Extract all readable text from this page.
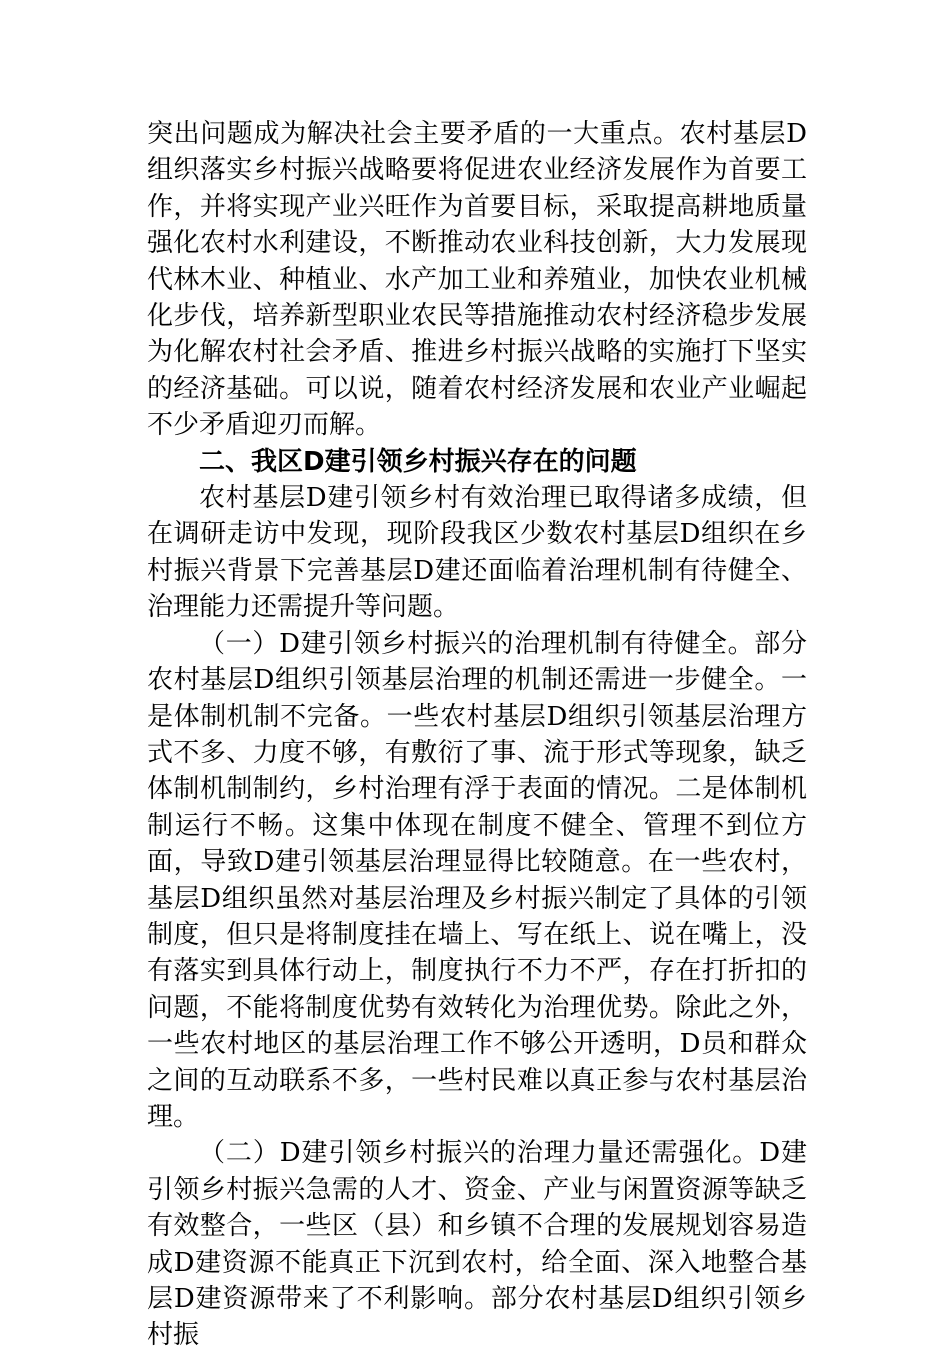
突出问题成为解决社会主要矛盾的一大重点。农村基层D组织落实乡村振兴战略要将促进农业经济发展作为首要工作，并将实现产业兴旺作为首要目标，采取提高耕地质量强化农村水利建设，不断推动农业科技创新，大力发展现代林木业、种植业、水产加工业和养殖业，加快农业机械化步伐，培养新型职业农民等措施推动农村经济稳步发展为化解农村社会矛盾、推进乡村振兴战略的实施打下坚实的经济基础。可以说，随着农村经济发展和农业产业崛起不少矛盾迎刃而解。

二、我区D建引领乡村振兴存在的问题

农村基层D建引领乡村有效治理已取得诸多成绩，但在调研走访中发现，现阶段我区少数农村基层D组织在乡村振兴背景下完善基层D建还面临着治理机制有待健全、治理能力还需提升等问题。

（一）D建引领乡村振兴的治理机制有待健全。部分农村基层D组织引领基层治理的机制还需进一步健全。一是体制机制不完备。一些农村基层D组织引领基层治理方式不多、力度不够，有敷衍了事、流于形式等现象，缺乏体制机制制约，乡村治理有浮于表面的情况。二是体制机制运行不畅。这集中体现在制度不健全、管理不到位方面，导致D建引领基层治理显得比较随意。在一些农村，基层D组织虽然对基层治理及乡村振兴制定了具体的引领制度，但只是将制度挂在墙上、写在纸上、说在嘴上，没有落实到具体行动上，制度执行不力不严，存在打折扣的问题，不能将制度优势有效转化为治理优势。除此之外，一些农村地区的基层治理工作不够公开透明，D员和群众之间的互动联系不多，一些村民难以真正参与农村基层治理。

（二）D建引领乡村振兴的治理力量还需强化。D建引领乡村振兴急需的人才、资金、产业与闲置资源等缺乏有效整合，一些区（县）和乡镇不合理的发展规划容易造成D建资源不能真正下沉到农村，给全面、深入地整合基层D建资源带来了不利影响。部分农村基层D组织引领乡村振
